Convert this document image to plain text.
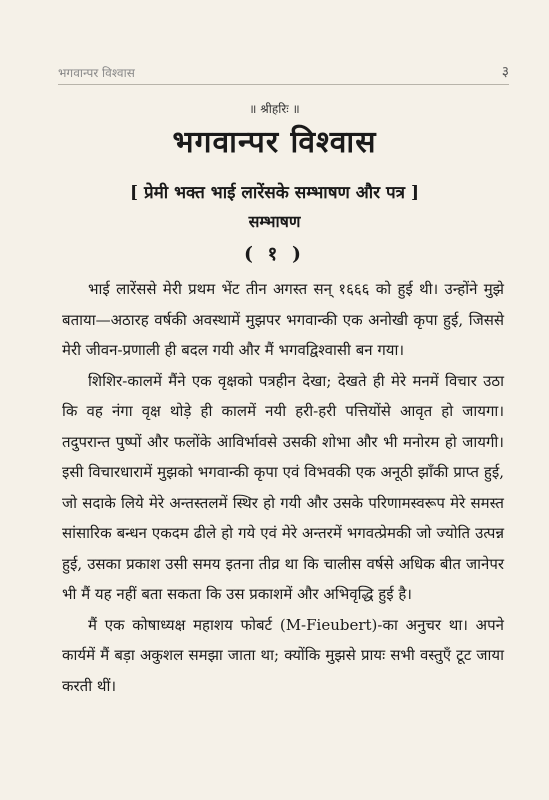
भगवान्पर विश्वास	३
॥ श्रीहरिः ॥
भगवान्पर विश्वास
[ प्रेमी भक्त भाई लारेंसके सम्भाषण और पत्र ]
सम्भाषण
( १ )

भाई लारेंससे मेरी प्रथम भेंट तीन अगस्त सन् १६६६ को हुई थी। उन्होंने मुझे बताया—अठारह वर्षकी अवस्थामें मुझपर भगवान्की एक अनोखी कृपा हुई, जिससे मेरी जीवन-प्रणाली ही बदल गयी और मैं भगवद्विश्वासी बन गया।

शिशिर-कालमें मैंने एक वृक्षको पत्रहीन देखा; देखते ही मेरे मनमें विचार उठा कि वह नंगा वृक्ष थोड़े ही कालमें नयी हरी-हरी पत्तियोंसे आवृत हो जायगा। तदुपरान्त पुष्पों और फलोंके आविर्भावसे उसकी शोभा और भी मनोरम हो जायगी। इसी विचारधारामें मुझको भगवान्की कृपा एवं विभवकी एक अनूठी झाँकी प्राप्त हुई, जो सदाके लिये मेरे अन्तस्तलमें स्थिर हो गयी और उसके परिणामस्वरूप मेरे समस्त सांसारिक बन्धन एकदम ढीले हो गये एवं मेरे अन्तरमें भगवत्प्रेमकी जो ज्योति उत्पन्न हुई, उसका प्रकाश उसी समय इतना तीव्र था कि चालीस वर्षसे अधिक बीत जानेपर भी मैं यह नहीं बता सकता कि उस प्रकाशमें और अभिवृद्धि हुई है।

मैं एक कोषाध्यक्ष महाशय फोबर्ट (M-Fieubert)-का अनुचर था। अपने कार्यमें मैं बड़ा अकुशल समझा जाता था; क्योंकि मुझसे प्रायः सभी वस्तुएँ टूट जाया करती थीं।
